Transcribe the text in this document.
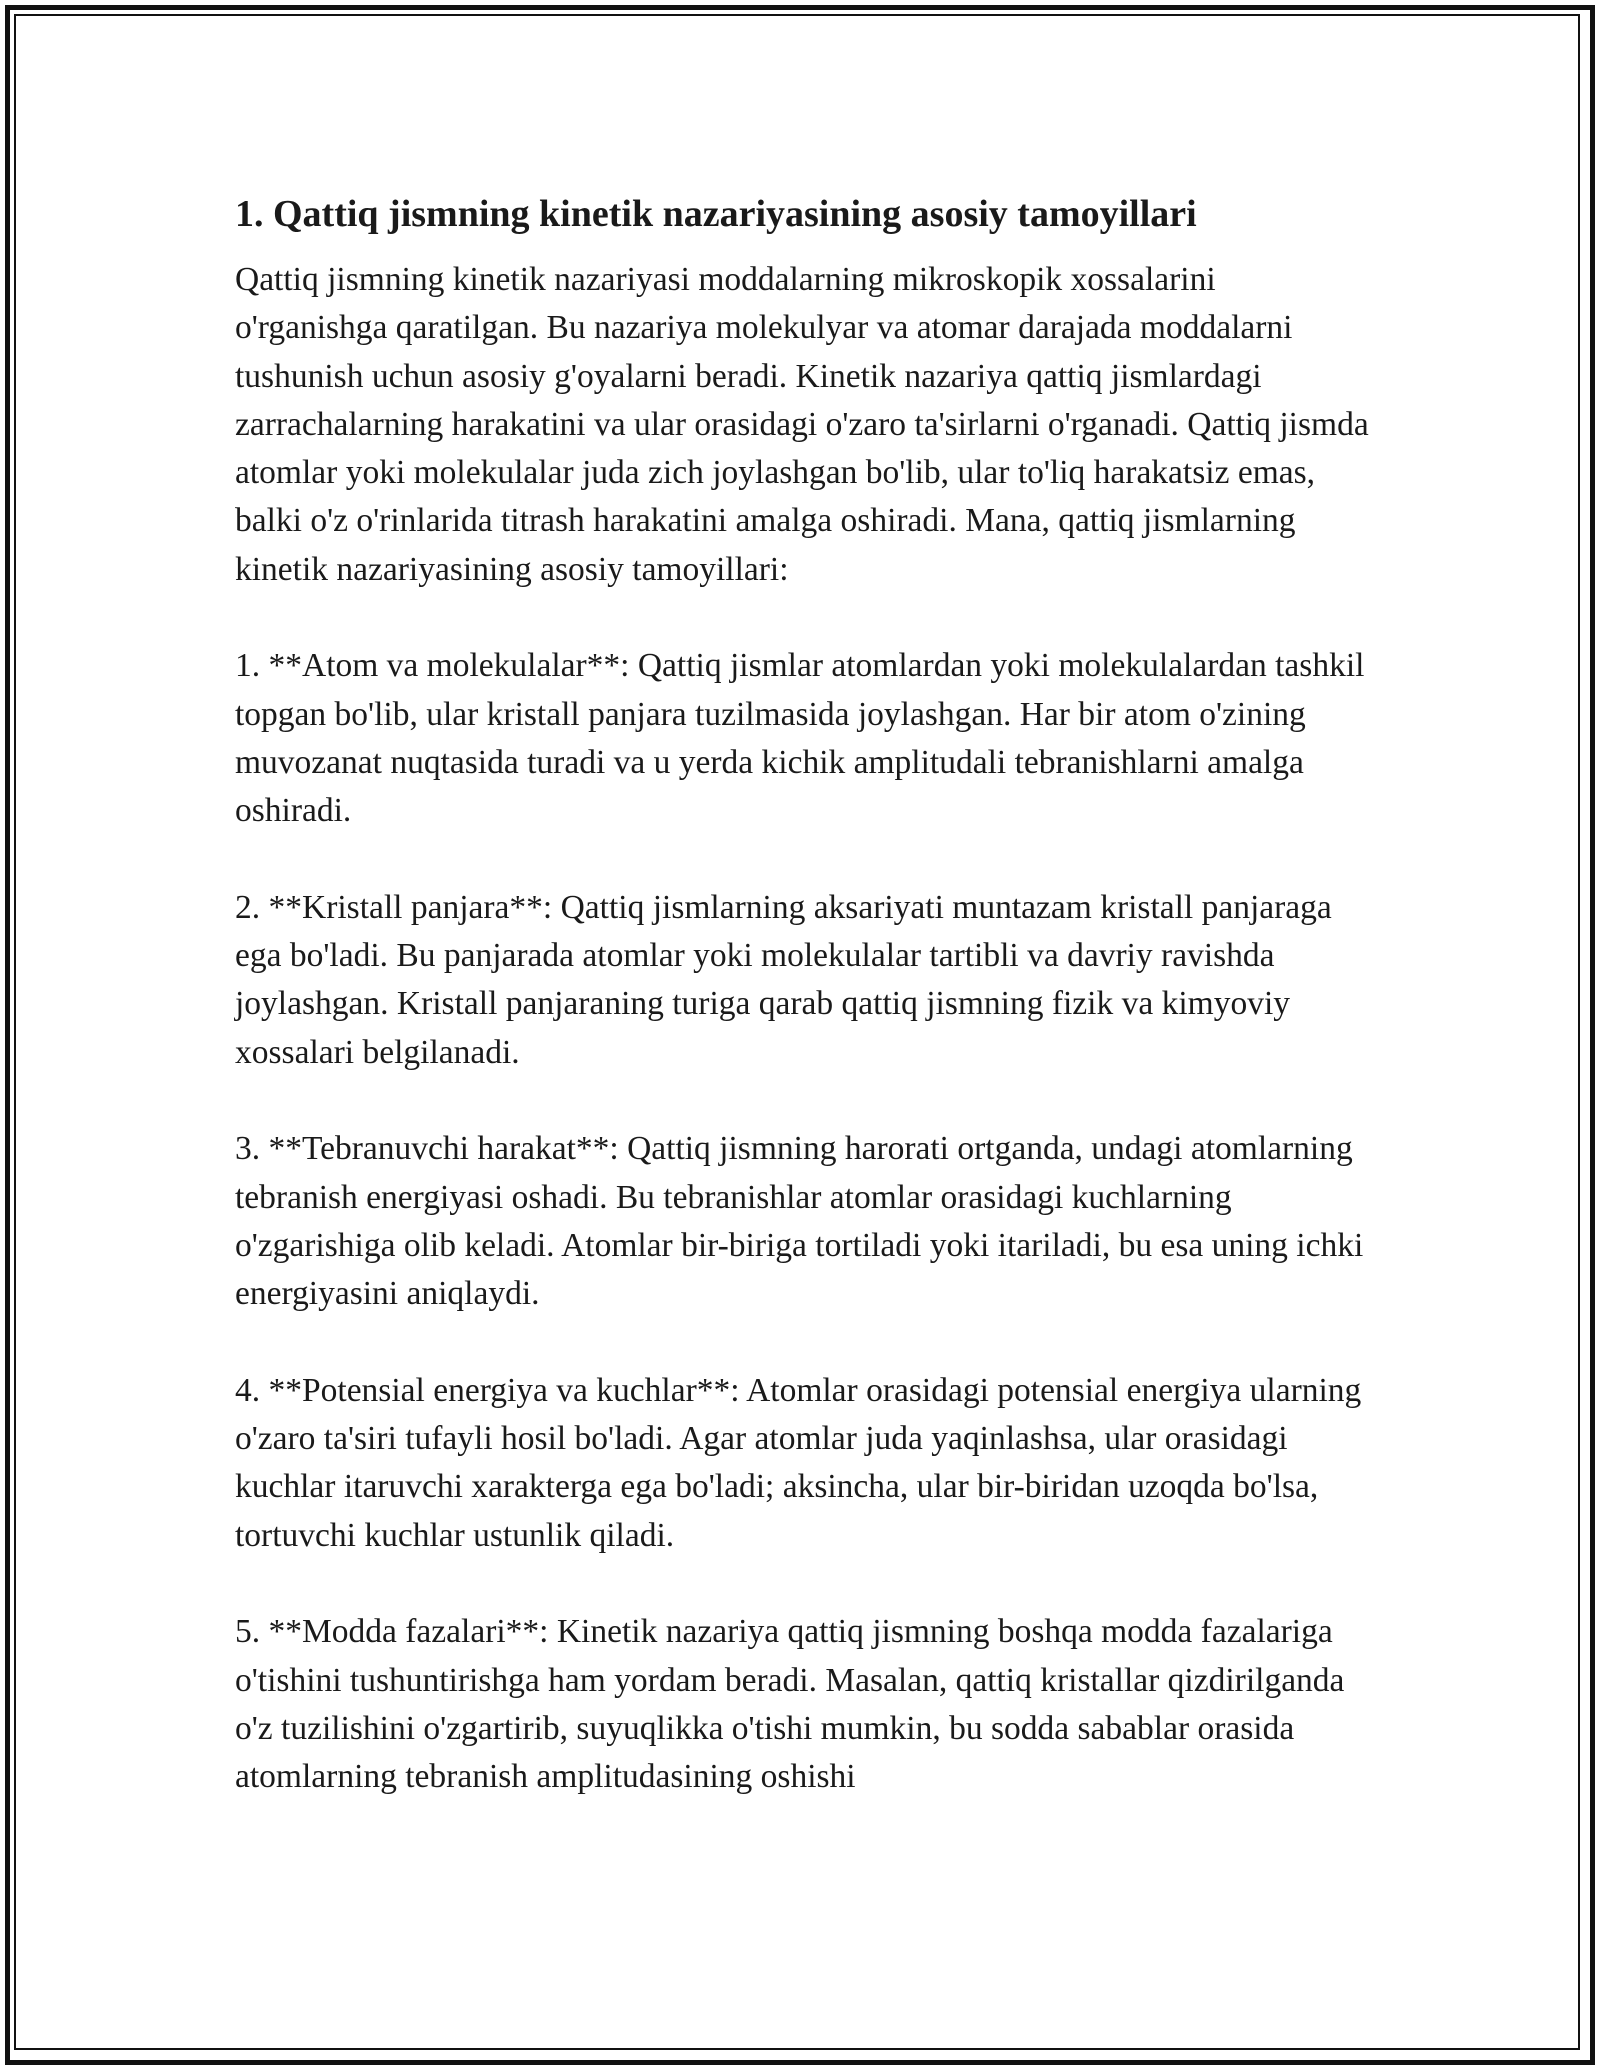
1. Qattiq jismning kinetik nazariyasining asosiy tamoyillari

Qattiq jismning kinetik nazariyasi moddalarning mikroskopik xossalarini o'rganishga qaratilgan. Bu nazariya molekulyar va atomar darajada moddalarni tushunish uchun asosiy g'oyalarni beradi. Kinetik nazariya qattiq jismlardagi zarrachalarning harakatini va ular orasidagi o'zaro ta'sirlarni o'rganadi. Qattiq jismda atomlar yoki molekulalar juda zich joylashgan bo'lib, ular to'liq harakatsiz emas, balki o'z o'rinlarida titrash harakatini amalga oshiradi. Mana, qattiq jismlarning kinetik nazariyasining asosiy tamoyillari:

1. **Atom va molekulalar**: Qattiq jismlar atomlardan yoki molekulalardan tashkil topgan bo'lib, ular kristall panjara tuzilmasida joylashgan. Har bir atom o'zining muvozanat nuqtasida turadi va u yerda kichik amplitudali tebranishlarni amalga oshiradi.

2. **Kristall panjara**: Qattiq jismlarning aksariyati muntazam kristall panjaraga ega bo'ladi. Bu panjarada atomlar yoki molekulalar tartibli va davriy ravishda joylashgan. Kristall panjaraning turiga qarab qattiq jismning fizik va kimyoviy xossalari belgilanadi.

3. **Tebranuvchi harakat**: Qattiq jismning harorati ortganda, undagi atomlarning tebranish energiyasi oshadi. Bu tebranishlar atomlar orasidagi kuchlarning o'zgarishiga olib keladi. Atomlar bir-biriga tortiladi yoki itariladi, bu esa uning ichki energiyasini aniqlaydi.

4. **Potensial energiya va kuchlar**: Atomlar orasidagi potensial energiya ularning o'zaro ta'siri tufayli hosil bo'ladi. Agar atomlar juda yaqinlashsa, ular orasidagi kuchlar itaruvchi xarakterga ega bo'ladi; aksincha, ular bir-biridan uzoqda bo'lsa, tortuvchi kuchlar ustunlik qiladi.

5. **Modda fazalari**: Kinetik nazariya qattiq jismning boshqa modda fazalariga o'tishini tushuntirishga ham yordam beradi. Masalan, qattiq kristallar qizdirilganda o'z tuzilishini o'zgartirib, suyuqlikka o'tishi mumkin, bu sodda sabablar orasida atomlarning tebranish amplitudasining oshishi
